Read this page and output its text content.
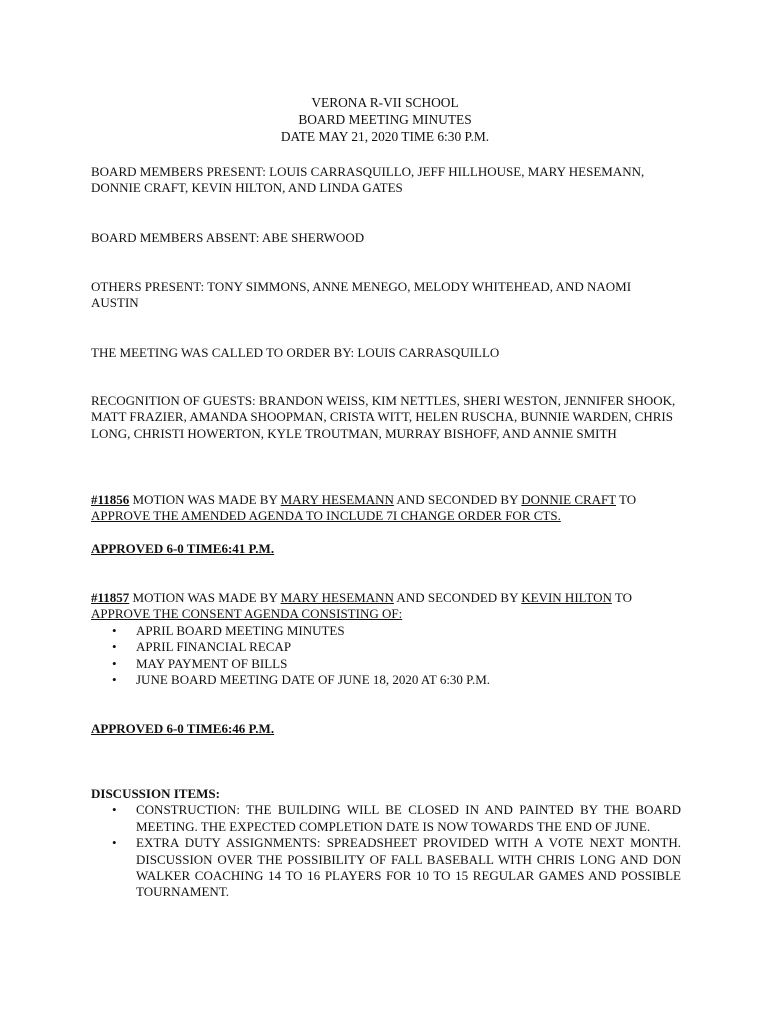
VERONA R-VII SCHOOL
BOARD MEETING MINUTES
DATE MAY 21, 2020 TIME 6:30 P.M.
BOARD MEMBERS PRESENT: LOUIS CARRASQUILLO, JEFF HILLHOUSE, MARY HESEMANN, DONNIE CRAFT, KEVIN HILTON, AND LINDA GATES
BOARD MEMBERS ABSENT: ABE SHERWOOD
OTHERS PRESENT: TONY SIMMONS, ANNE MENEGO, MELODY WHITEHEAD, AND NAOMI AUSTIN
THE MEETING WAS CALLED TO ORDER BY: LOUIS CARRASQUILLO
RECOGNITION OF GUESTS: BRANDON WEISS, KIM NETTLES, SHERI WESTON, JENNIFER SHOOK, MATT FRAZIER, AMANDA SHOOPMAN, CRISTA WITT, HELEN RUSCHA, BUNNIE WARDEN, CHRIS LONG, CHRISTI HOWERTON, KYLE TROUTMAN, MURRAY BISHOFF, AND ANNIE SMITH
#11856 MOTION WAS MADE BY MARY HESEMANN AND SECONDED BY DONNIE CRAFT TO APPROVE THE AMENDED AGENDA TO INCLUDE 7I CHANGE ORDER FOR CTS.
APPROVED 6-0 TIME6:41 P.M.
#11857 MOTION WAS MADE BY MARY HESEMANN AND SECONDED BY KEVIN HILTON TO APPROVE THE CONSENT AGENDA CONSISTING OF:
• APRIL BOARD MEETING MINUTES
• APRIL FINANCIAL RECAP
• MAY PAYMENT OF BILLS
• JUNE BOARD MEETING DATE OF JUNE 18, 2020 AT 6:30 P.M.
APPROVED 6-0 TIME6:46 P.M.
DISCUSSION ITEMS:
• CONSTRUCTION: THE BUILDING WILL BE CLOSED IN AND PAINTED BY THE BOARD MEETING. THE EXPECTED COMPLETION DATE IS NOW TOWARDS THE END OF JUNE.
• EXTRA DUTY ASSIGNMENTS: SPREADSHEET PROVIDED WITH A VOTE NEXT MONTH. DISCUSSION OVER THE POSSIBILITY OF FALL BASEBALL WITH CHRIS LONG AND DON WALKER COACHING 14 TO 16 PLAYERS FOR 10 TO 15 REGULAR GAMES AND POSSIBLE TOURNAMENT.
